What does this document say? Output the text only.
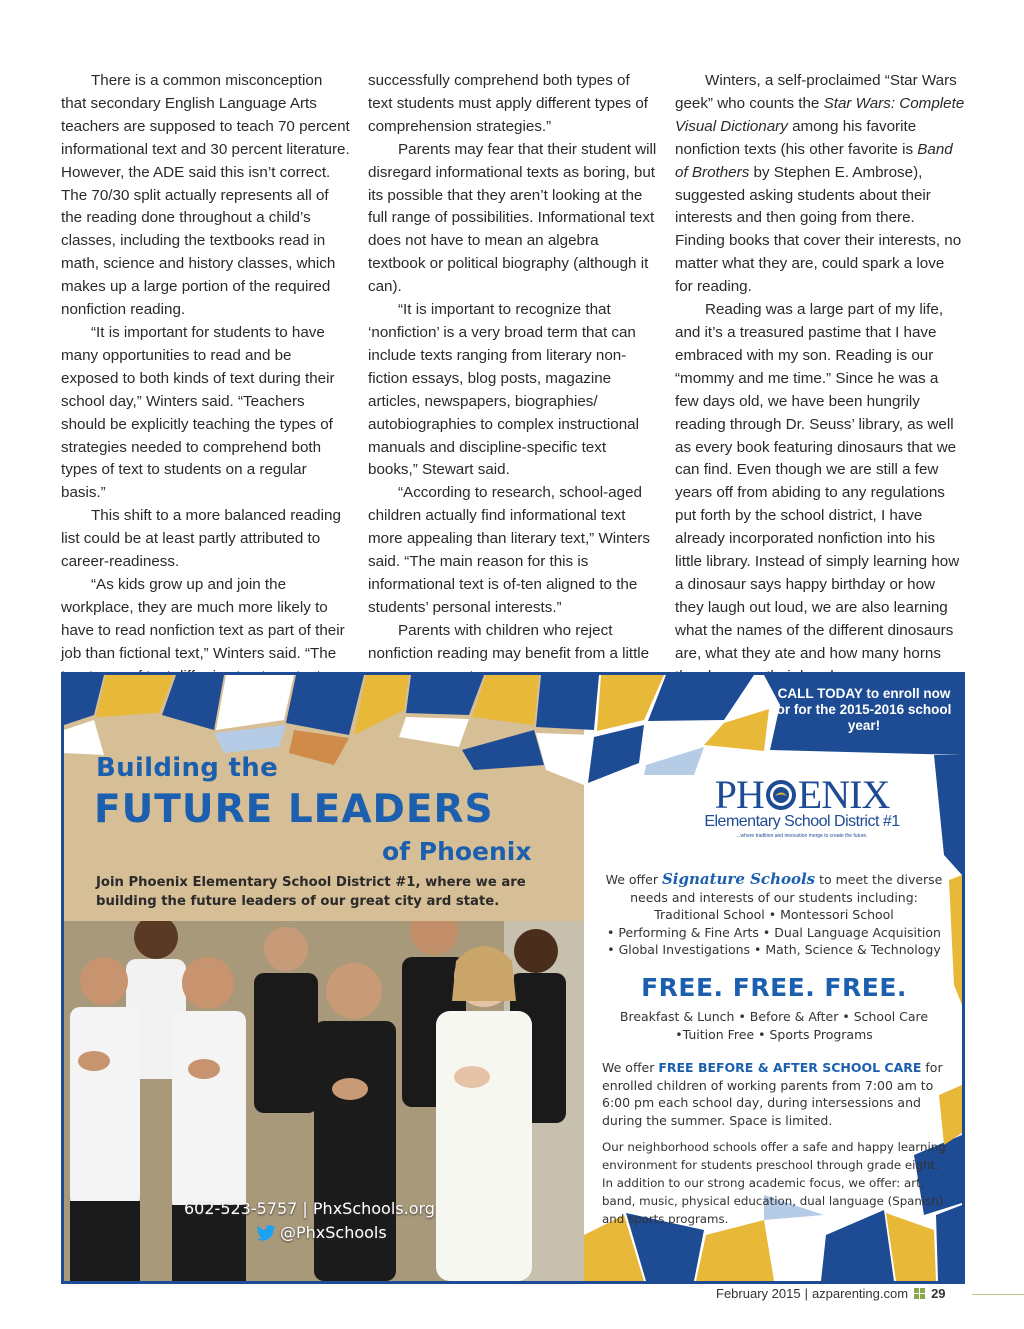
There is a common misconception that secondary English Language Arts teachers are supposed to teach 70 percent informational text and 30 percent literature. However, the ADE said this isn’t correct. The 70/30 split actually represents all of the reading done throughout a child’s classes, including the textbooks read in math, science and history classes, which makes up a large portion of the required nonfiction reading.

“It is important for students to have many opportunities to read and be exposed to both kinds of text during their school day,” Winters said. “Teachers should be explicitly teaching the types of strategies needed to comprehend both types of text to students on a regular basis.”

This shift to a more balanced reading list could be at least partly attributed to career-readiness.

“As kids grow up and join the workplace, they are much more likely to have to read nonfiction text as part of their job than fictional text,” Winters said. “The

successfully comprehend both types of text students must apply different types of comprehension strategies.”

Parents may fear that their student will disregard informational texts as boring, but its possible that they aren’t looking at the full range of possibilities. Informational text does not have to mean an algebra textbook or political biography (although it can).

“It is important to recognize that ‘nonfiction’ is a very broad term that can include texts ranging from literary non-fiction essays, blog posts, magazine articles, newspapers, biographies/ autobiographies to complex instructional manuals and discipline-specific text books,” Stewart said.

“According to research, school-aged children actually find informational text more appealing than literary text,” Winters said. “The main reason for this is informational text is of-ten aligned to the students’ personal interests.”

Parents with children who reject nonfiction reading may benefit from a little

Winters, a self-proclaimed “Star Wars geek” who counts the Star Wars: Complete Visual Dictionary among his favorite nonfiction texts (his other favorite is Band of Brothers by Stephen E. Ambrose), suggested asking students about their interests and then going from there. Finding books that cover their interests, no matter what they are, could spark a love for reading.

Reading was a large part of my life, and it’s a treasured pastime that I have embraced with my son. Reading is our “mommy and me time.” Since he was a few days old, we have been hungrily reading through Dr. Seuss’ library, as well as every book featuring dinosaurs that we can find. Even though we are still a few years off from abiding to any regulations put forth by the school district, I have already incorporated nonfiction into his little library. Instead of simply learning how a dinosaur says happy birthday or how they laugh out loud, we are also learning what the names of the different dinosaurs are, what they ate and how many horns

Building the
FUTURE LEADERS
of Phoenix
Join Phoenix Elementary School District #1, where we are building the future leaders of our great city ard state.
602-523-5757 | PhxSchools.org
@PhxSchools
CALL TODAY to enroll now or for the 2015-2016 school year!
PH ENIX
Elementary School District #1
...where tradition and innovation merge to create the future.
We offer Signature Schools to meet the diverse needs and interests of our students including:
Traditional School • Montessori School
• Performing & Fine Arts • Dual Language Acquisition
• Global Investigations • Math, Science & Technology
FREE. FREE. FREE.
Breakfast & Lunch • Before & After • School Care
•Tuition Free • Sports Programs
We offer FREE BEFORE & AFTER SCHOOL CARE for enrolled children of working parents from 7:00 am to 6:00 pm each school day, during intersessions and during the summer. Space is limited.
Our neighborhood schools offer a safe and happy learning environment for students preschool through grade eight. In addition to our strong academic focus, we offer: art, band, music, physical education, dual language (Spanish) and sports programs.
February 2015 | azparenting.com 29
